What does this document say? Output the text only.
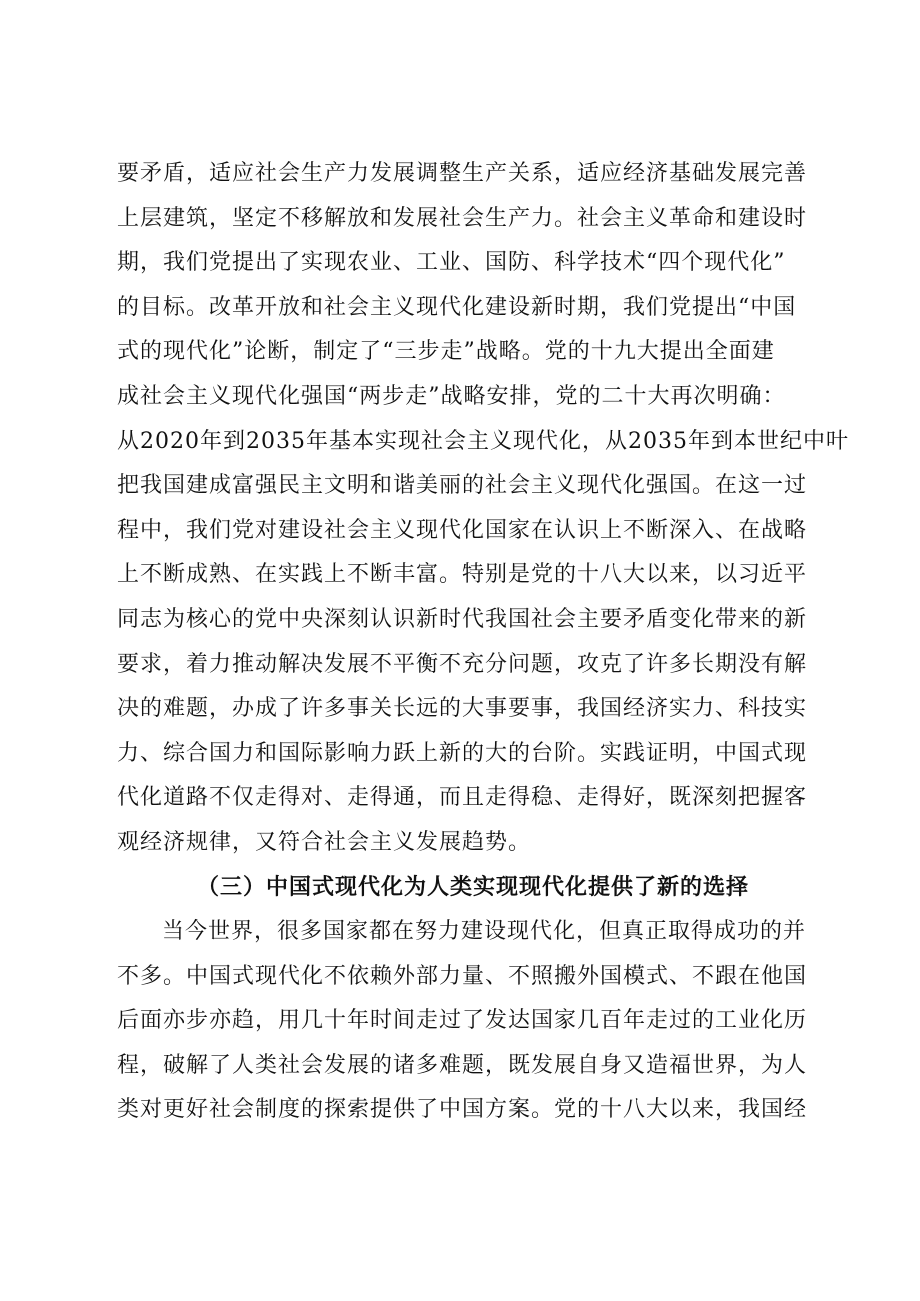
要矛盾，适应社会生产力发展调整生产关系，适应经济基础发展完善
上层建筑，坚定不移解放和发展社会生产力。社会主义革命和建设时
期，我们党提出了实现农业、工业、国防、科学技术“四个现代化”
的目标。改革开放和社会主义现代化建设新时期，我们党提出“中国
式的现代化”论断，制定了“三步走”战略。党的十九大提出全面建
成社会主义现代化强国“两步走”战略安排，党的二十大再次明确：
从2020年到2035年基本实现社会主义现代化，从2035年到本世纪中叶
把我国建成富强民主文明和谐美丽的社会主义现代化强国。在这一过
程中，我们党对建设社会主义现代化国家在认识上不断深入、在战略
上不断成熟、在实践上不断丰富。特别是党的十八大以来，以习近平
同志为核心的党中央深刻认识新时代我国社会主要矛盾变化带来的新
要求，着力推动解决发展不平衡不充分问题，攻克了许多长期没有解
决的难题，办成了许多事关长远的大事要事，我国经济实力、科技实
力、综合国力和国际影响力跃上新的大的台阶。实践证明，中国式现
代化道路不仅走得对、走得通，而且走得稳、走得好，既深刻把握客
观经济规律，又符合社会主义发展趋势。
（三）中国式现代化为人类实现现代化提供了新的选择
当今世界，很多国家都在努力建设现代化，但真正取得成功的并
不多。中国式现代化不依赖外部力量、不照搬外国模式、不跟在他国
后面亦步亦趋，用几十年时间走过了发达国家几百年走过的工业化历
程，破解了人类社会发展的诸多难题，既发展自身又造福世界，为人
类对更好社会制度的探索提供了中国方案。党的十八大以来，我国经
